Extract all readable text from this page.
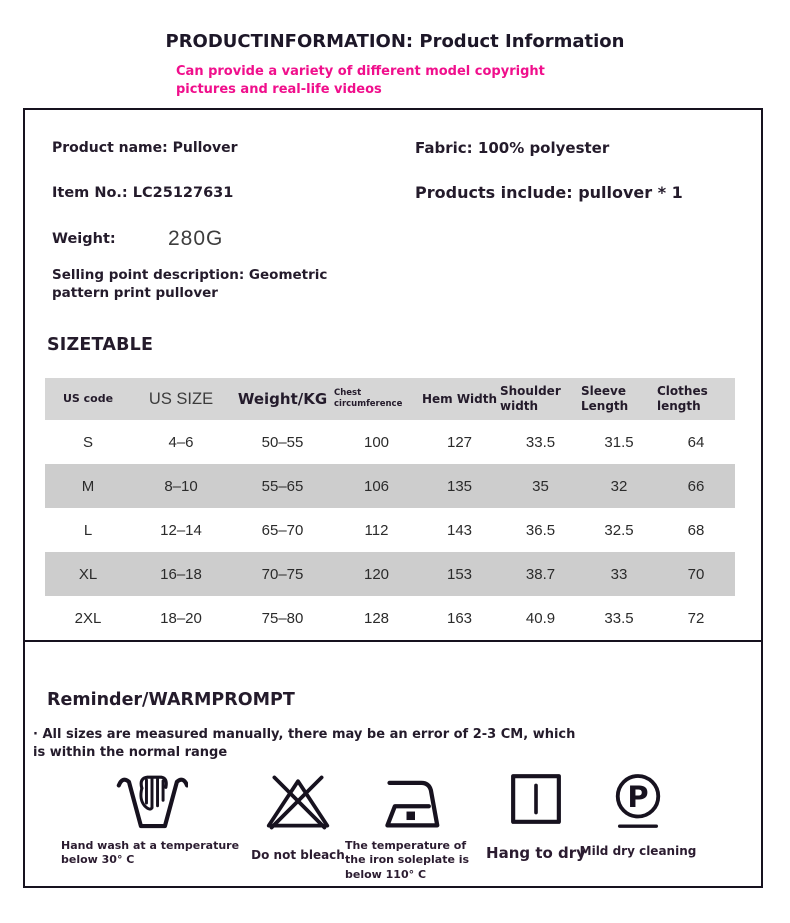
PRODUCTINFORMATION: Product Information
Can provide a variety of different model copyright pictures and real-life videos
Product name: Pullover	Fabric: 100% polyester
Item No.: LC25127631	Products include: pullover * 1
Weight: 280G
Selling point description: Geometric pattern print pullover
SIZETABLE
US code	US SIZE	Weight/KG	Chest circumference	Hem Width	Shoulder width	Sleeve Length	Clothes length
S	4–6	50–55	100	127	33.5	31.5	64
M	8–10	55–65	106	135	35	32	66
L	12–14	65–70	112	143	36.5	32.5	68
XL	16–18	70–75	120	153	38.7	33	70
2XL	18–20	75–80	128	163	40.9	33.5	72
Reminder/WARMPROMPT
· All sizes are measured manually, there may be an error of 2-3 CM, which is within the normal range
Hand wash at a temperature below 30° C	Do not bleach
The temperature of the iron soleplate is below 110° C
Hang to dry
P
Mild dry cleaning
